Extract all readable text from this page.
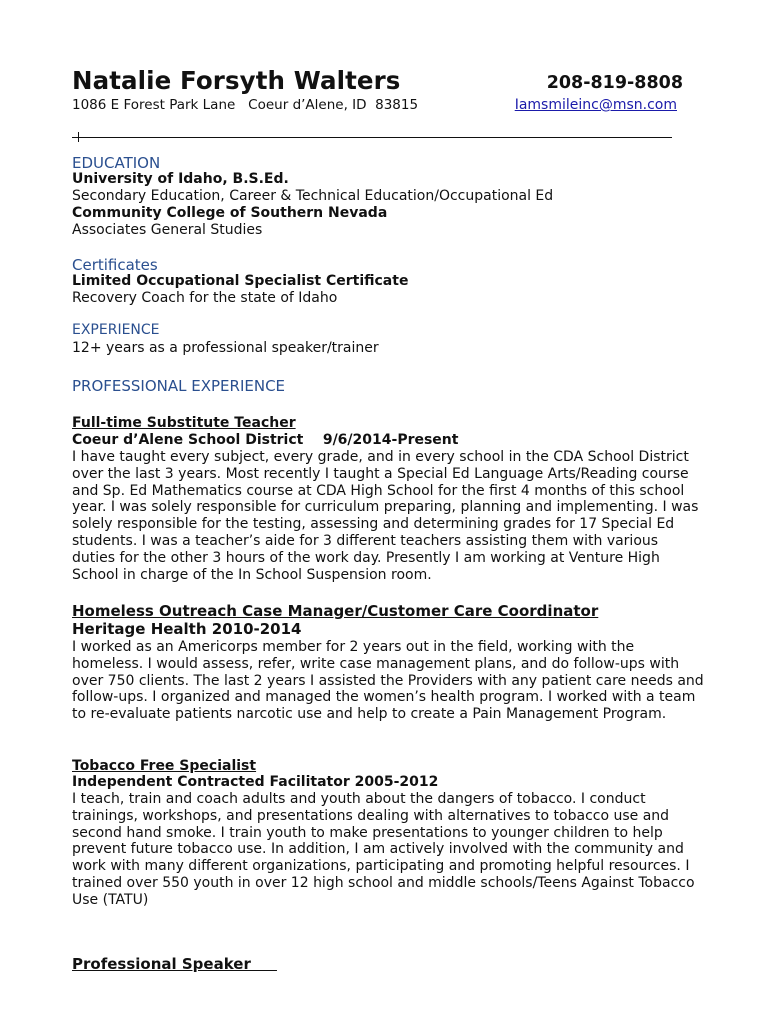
Natalie Forsyth Walters	208-819-8808
1086 E Forest Park Lane   Coeur d’Alene, ID  83815	Iamsmileinc@msn.com
EDUCATION
University of Idaho, B.S.Ed.
Secondary Education, Career & Technical Education/Occupational Ed
Community College of Southern Nevada
Associates General Studies
Certificates
Limited Occupational Specialist Certificate
Recovery Coach for the state of Idaho
EXPERIENCE
12+ years as a professional speaker/trainer
PROFESSIONAL EXPERIENCE
Full-time Substitute Teacher
Coeur d’Alene School District    9/6/2014-Present
I have taught every subject, every grade, and in every school in the CDA School District
over the last 3 years. Most recently I taught a Special Ed Language Arts/Reading course
and Sp. Ed Mathematics course at CDA High School for the first 4 months of this school
year. I was solely responsible for curriculum preparing, planning and implementing. I was
solely responsible for the testing, assessing and determining grades for 17 Special Ed
students. I was a teacher’s aide for 3 different teachers assisting them with various
duties for the other 3 hours of the work day. Presently I am working at Venture High
School in charge of the In School Suspension room.
Homeless Outreach Case Manager/Customer Care Coordinator
Heritage Health 2010-2014
I worked as an Americorps member for 2 years out in the field, working with the
homeless. I would assess, refer, write case management plans, and do follow-ups with
over 750 clients. The last 2 years I assisted the Providers with any patient care needs and
follow-ups. I organized and managed the women’s health program. I worked with a team
to re-evaluate patients narcotic use and help to create a Pain Management Program.
Tobacco Free Specialist
Independent Contracted Facilitator 2005-2012
I teach, train and coach adults and youth about the dangers of tobacco. I conduct
trainings, workshops, and presentations dealing with alternatives to tobacco use and
second hand smoke. I train youth to make presentations to younger children to help
prevent future tobacco use. In addition, I am actively involved with the community and
work with many different organizations, participating and promoting helpful resources. I
trained over 550 youth in over 12 high school and middle schools/Teens Against Tobacco
Use (TATU)
Professional Speaker
